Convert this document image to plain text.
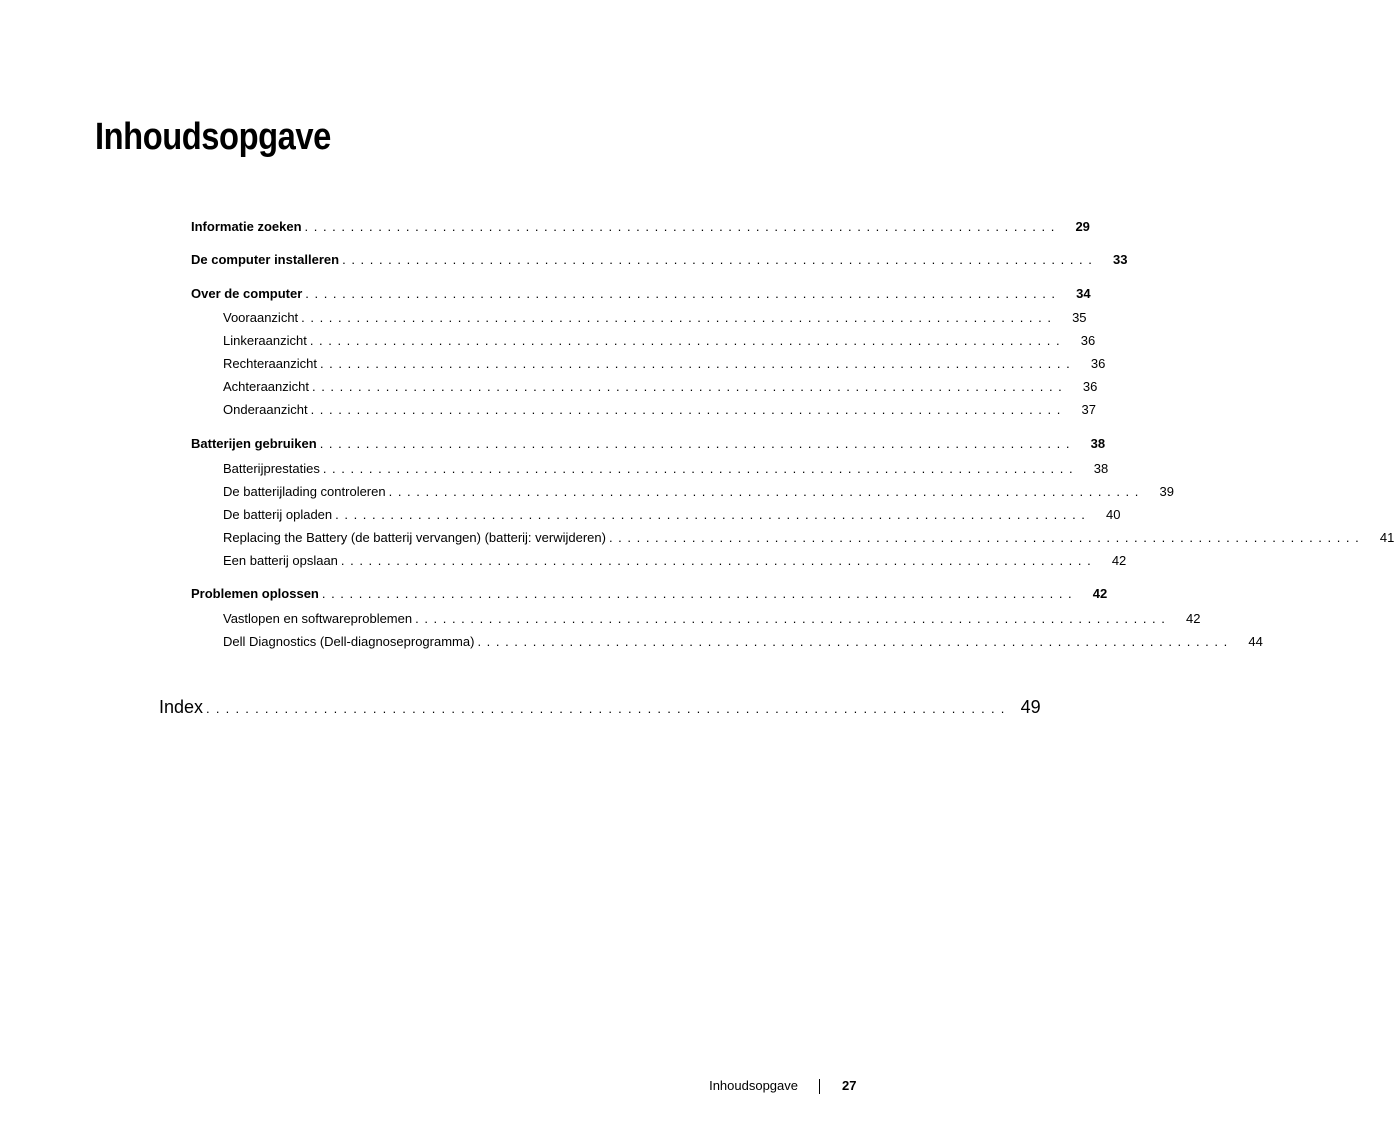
Inhoudsopgave
Informatie zoeken ..................................................................................	29
De computer installeren ..................................................................................	33
Over de computer ..................................................................................	34
Vooraanzicht ..................................................................................	35
Linkeraanzicht ..................................................................................	36
Rechteraanzicht ..................................................................................	36
Achteraanzicht ..................................................................................	36
Onderaanzicht ..................................................................................	37
Batterijen gebruiken ..................................................................................	38
Batterijprestaties ..................................................................................	38
De batterijlading controleren ..................................................................................	39
De batterij opladen ..................................................................................	40
Replacing the Battery (de batterij vervangen) (batterij: verwijderen) ..................................................................................	41
Een batterij opslaan ..................................................................................	42
Problemen oplossen ..................................................................................	42
Vastlopen en softwareproblemen ..................................................................................	42
Dell Diagnostics (Dell-diagnoseprogramma) ..................................................................................	44
Index .................................................................................. 49
Inhoudsopgave	27
